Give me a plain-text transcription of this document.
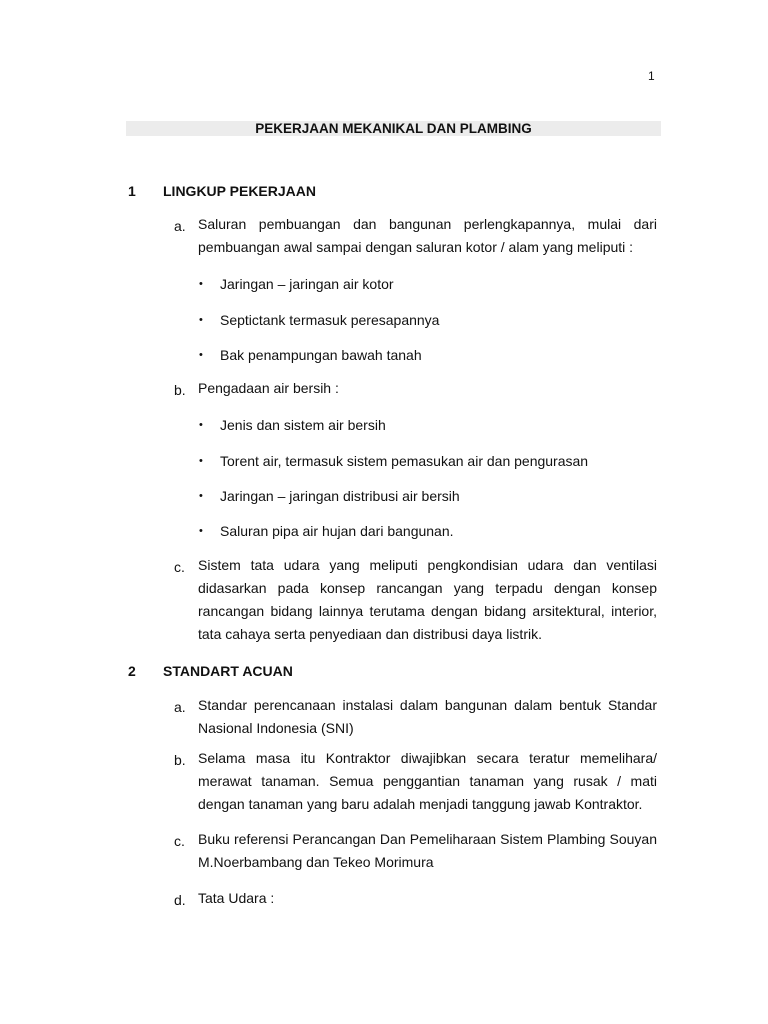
1
PEKERJAAN MEKANIKAL DAN PLAMBING
1 LINGKUP PEKERJAAN
a. Saluran pembuangan dan bangunan perlengkapannya, mulai dari pembuangan awal sampai dengan saluran kotor / alam yang meliputi :
• Jaringan – jaringan air kotor
• Septictank termasuk peresapannya
• Bak penampungan bawah tanah
b. Pengadaan air bersih :
• Jenis dan sistem air bersih
• Torent air, termasuk sistem pemasukan air dan pengurasan
• Jaringan – jaringan distribusi air bersih
• Saluran pipa air hujan dari bangunan.
c. Sistem tata udara yang meliputi pengkondisian udara dan ventilasi didasarkan pada konsep rancangan yang terpadu dengan konsep rancangan bidang lainnya terutama dengan bidang arsitektural, interior, tata cahaya serta penyediaan dan distribusi daya listrik.
2 STANDART ACUAN
a. Standar perencanaan instalasi dalam bangunan dalam bentuk Standar Nasional Indonesia (SNI)
b. Selama masa itu Kontraktor diwajibkan secara teratur memelihara/ merawat tanaman. Semua penggantian tanaman yang rusak / mati dengan tanaman yang baru adalah menjadi tanggung jawab Kontraktor.
c. Buku referensi Perancangan Dan Pemeliharaan Sistem Plambing Souyan M.Noerbambang dan Tekeo Morimura
d. Tata Udara :
